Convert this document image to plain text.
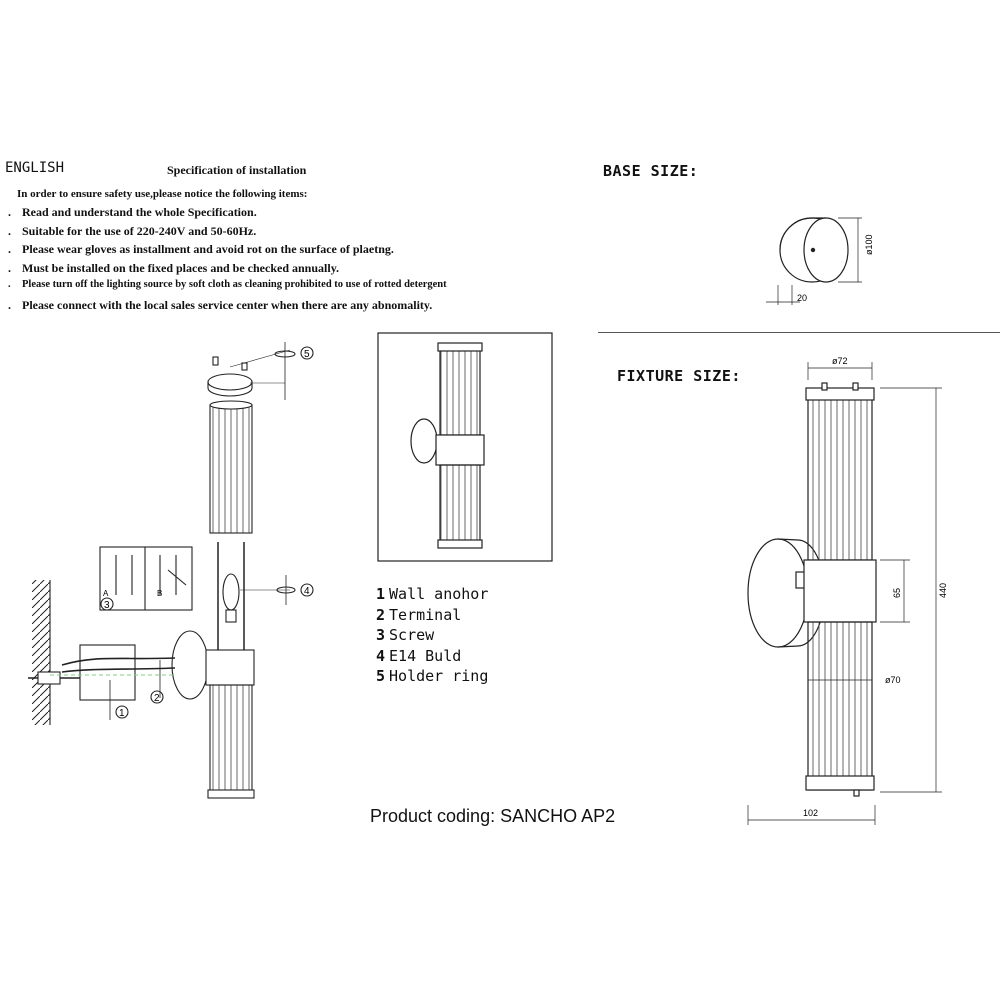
ENGLISH	Specification of installation
In order to ensure safety use,please notice the following items:
. Read and understand the whole Specification.
. Suitable for the use of 220-240V and 50-60Hz.
. Please wear gloves as installment and avoid rot on the surface of plaetng.
. Must be installed on the fixed places and be checked annually.
. Please turn off the lighting source by soft cloth as cleaning prohibited to use of rotted detergent
. Please connect with the local sales service center when there are any abnomality.
BASE SIZE:
FIXTURE SIZE:
1 Wall anohor
2 Terminal
3 Screw
4 E14 Buld
5 Holder ring
Product coding: SANCHO AP2
ø100
20
ø72
440
65
ø70
102
5
4
1
2
3
A	B
